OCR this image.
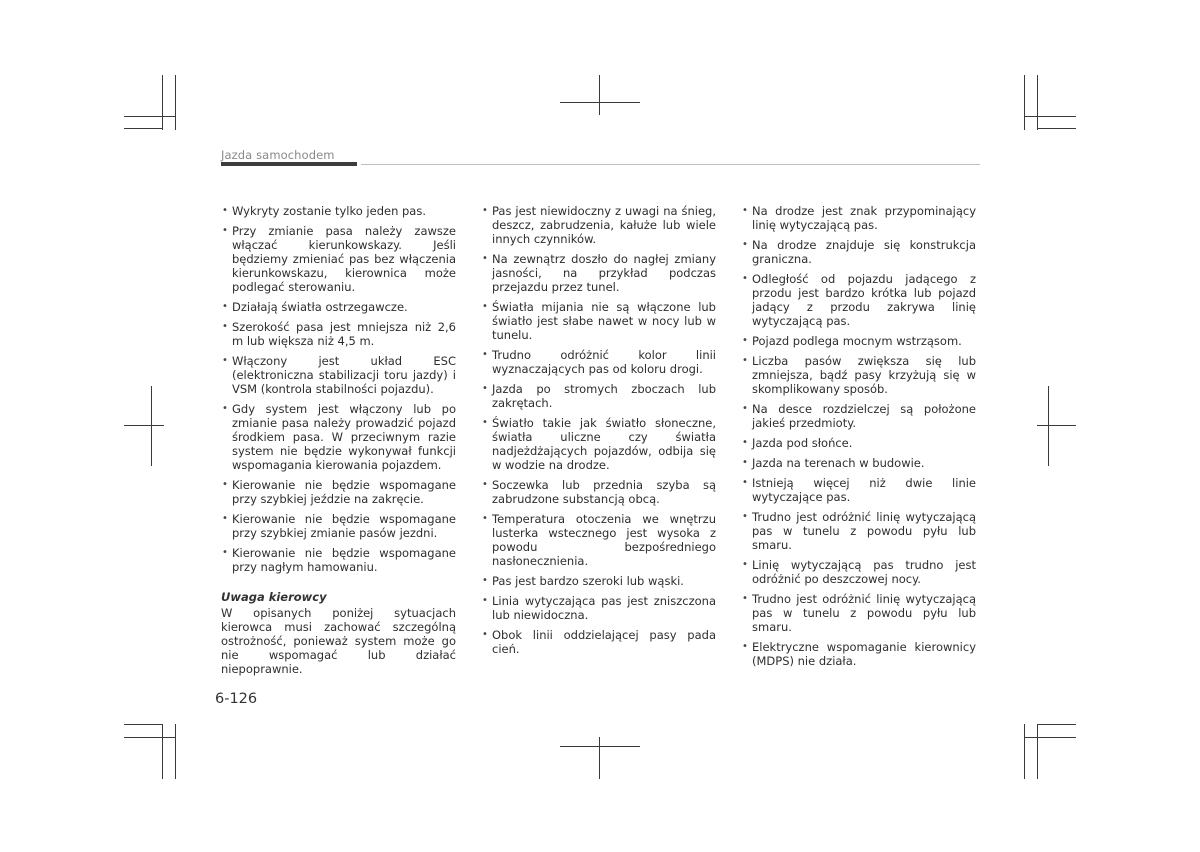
Jazda samochodem
• Wykryty zostanie tylko jeden pas.
• Przy zmianie pasa należy zawsze włączać kierunkowskazy. Jeśli będziemy zmieniać pas bez włączenia kierunkowskazu, kierownica może podlegać sterowaniu.
• Działają światła ostrzegawcze.
• Szerokość pasa jest mniejsza niż 2,6 m lub większa niż 4,5 m.
• Włączony jest układ ESC (elektroniczna stabilizacji toru jazdy) i VSM (kontrola stabilności pojazdu).
• Gdy system jest włączony lub po zmianie pasa należy prowadzić pojazd środkiem pasa. W przeciwnym razie system nie będzie wykonywał funkcji wspomagania kierowania pojazdem.
• Kierowanie nie będzie wspomagane przy szybkiej jeździe na zakręcie.
• Kierowanie nie będzie wspomagane przy szybkiej zmianie pasów jezdni.
• Kierowanie nie będzie wspomagane przy nagłym hamowaniu.
Uwaga kierowcy
W opisanych poniżej sytuacjach kierowca musi zachować szczególną ostrożność, ponieważ system może go nie wspomagać lub działać niepoprawnie.
• Pas jest niewidoczny z uwagi na śnieg, deszcz, zabrudzenia, kałuże lub wiele innych czynników.
• Na zewnątrz doszło do nagłej zmiany jasności, na przykład podczas przejazdu przez tunel.
• Światła mijania nie są włączone lub światło jest słabe nawet w nocy lub w tunelu.
• Trudno odróżnić kolor linii wyznaczających pas od koloru drogi.
• Jazda po stromych zboczach lub zakrętach.
• Światło takie jak światło słoneczne, światła uliczne czy światła nadjeżdżających pojazdów, odbija się w wodzie na drodze.
• Soczewka lub przednia szyba są zabrudzone substancją obcą.
• Temperatura otoczenia we wnętrzu lusterka wstecznego jest wysoka z powodu bezpośredniego nasłonecznienia.
• Pas jest bardzo szeroki lub wąski.
• Linia wytyczająca pas jest zniszczona lub niewidoczna.
• Obok linii oddzielającej pasy pada cień.
• Na drodze jest znak przypominający linię wytyczającą pas.
• Na drodze znajduje się konstrukcja graniczna.
• Odległość od pojazdu jadącego z przodu jest bardzo krótka lub pojazd jadący z przodu zakrywa linię wytyczającą pas.
• Pojazd podlega mocnym wstrząsom.
• Liczba pasów zwiększa się lub zmniejsza, bądź pasy krzyżują się w skomplikowany sposób.
• Na desce rozdzielczej są położone jakieś przedmioty.
• Jazda pod słońce.
• Jazda na terenach w budowie.
• Istnieją więcej niż dwie linie wytyczające pas.
• Trudno jest odróżnić linię wytyczającą pas w tunelu z powodu pyłu lub smaru.
• Linię wytyczającą pas trudno jest odróżnić po deszczowej nocy.
• Trudno jest odróżnić linię wytyczającą pas w tunelu z powodu pyłu lub smaru.
• Elektryczne wspomaganie kierownicy (MDPS) nie działa.
6-126
